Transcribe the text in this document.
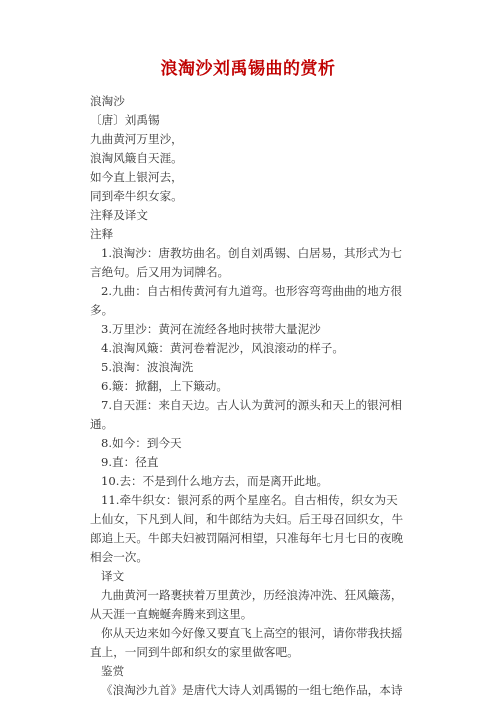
浪淘沙刘禹锡曲的赏析

浪淘沙

〔唐〕刘禹锡

九曲黄河万里沙，

浪淘风簸自天涯。

如今直上银河去，

同到牵牛织女家。

注释及译文

注释

1.浪淘沙：唐教坊曲名。创自刘禹锡、白居易，其形式为七言绝句。后又用为词牌名。

2.九曲：自古相传黄河有九道弯。也形容弯弯曲曲的地方很多。

3.万里沙：黄河在流经各地时挟带大量泥沙

4.浪淘风簸：黄河卷着泥沙，风浪滚动的样子。

5.浪淘：波浪淘洗

6.簸：掀翻，上下簸动。

7.自天涯：来自天边。古人认为黄河的源头和天上的银河相通。

8.如今：到今天

9.直：径直

10.去：不是到什么地方去，而是离开此地。

11.牵牛织女：银河系的两个星座名。自古相传，织女为天上仙女，下凡到人间，和牛郎结为夫妇。后王母召回织女，牛郎追上天。牛郎夫妇被罚隔河相望，只准每年七月七日的夜晚相会一次。

译文

九曲黄河一路裹挟着万里黄沙，历经浪涛冲洗、狂风簸荡，从天涯一直蜿蜒奔腾来到这里。

你从天边来如今好像又要直飞上高空的银河，请你带我扶摇直上，一同到牛郎和织女的家里做客吧。

鉴赏

《浪淘沙九首》是唐代大诗人刘禹锡的一组七绝作品，本诗
